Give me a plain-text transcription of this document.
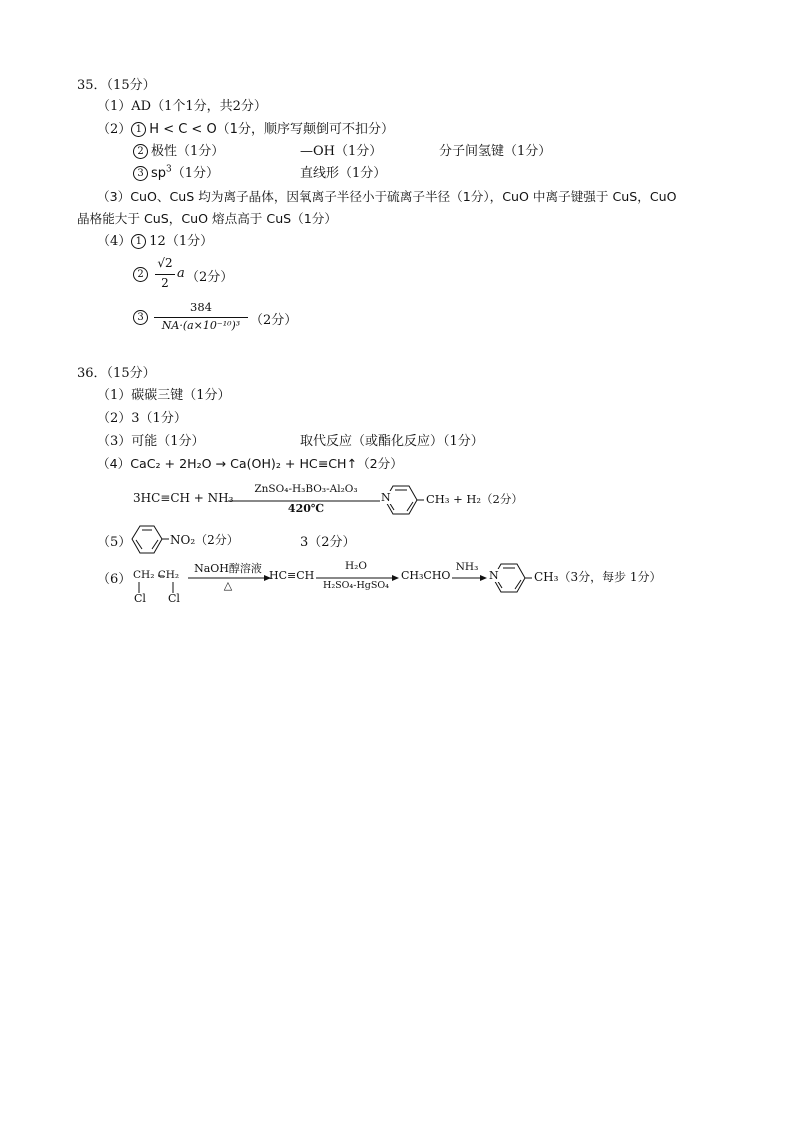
35．（15分）
（1）AD（1个1分，共2分）
（2） 1 H < C < O（1分，顺序写颠倒可不扣分）
2 极性（1分）	—OH（1分）	分子间氢键（1分）
3 $sp^3(1$分）	直线形（1分）
（3）CuO、CuS 均为离子晶体，因氧离子半径小于硫离子半径（1分），CuO 中离子键强于 CuS，CuO
晶格能大于 CuS，CuO 熔点高于 CuS（1分）
（4） 1 12（1分）
2
√2
2
a （2分）
3
384
NA·(a×10⁻¹⁰)³ （2分）
36．（15分）
（1）碳碳三键（1分）
（2）3（1分）
（3）可能（1分）	取代反应（或酯化反应）（1分）
（4）CaC₂ + 2H₂O → Ca(OH)₂ + HC≡CH↑（2分）
3HC≡CH + NH₃
ZnSO₄-H₃BO₃-Al₂O₃
420℃
N	CH₃ + H₂（2分）
（5）	NO₂（2分）	3（2分）
（6） CH₂ CH₂
Cl Cl
NaOH醇溶液
△
HC≡CH
H₂O
H₂SO₄-HgSO₄
CH₃CHO
NH₃
→ N	CH₃（3分，每步 1分）
